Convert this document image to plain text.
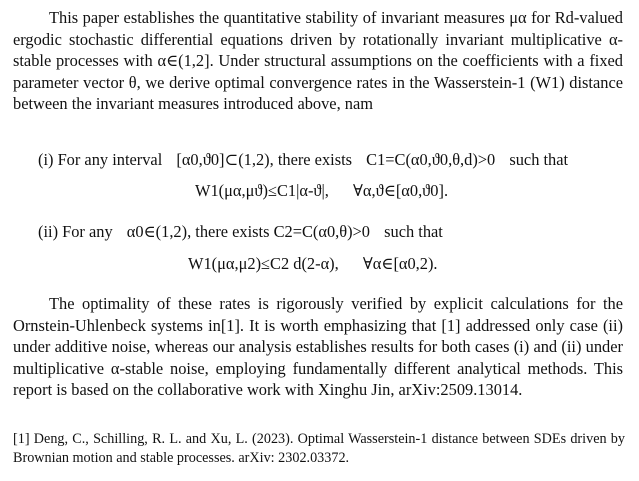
This paper establishes the quantitative stability of invariant measures μα for Rd-valued ergodic stochastic differential equations driven by rotationally invariant multiplicative α-stable processes with α∈(1,2]. Under structural assumptions on the coefficients with a fixed parameter vector θ, we derive optimal convergence rates in the Wasserstein-1 (W1) distance between the invariant measures introduced above, nam

(i) For any interval [α0,ϑ0]⊂(1,2), there exists C1=C(α0,ϑ0,θ,d)>0 such that

W1(μα,μϑ)≤C1|α-ϑ|, ∀α,ϑ∈[α0,ϑ0].

(ii) For any α0∈(1,2), there exists C2=C(α0,θ)>0 such that

W1(μα,μ2)≤C2 d(2-α), ∀α∈[α0,2).

The optimality of these rates is rigorously verified by explicit calculations for the Ornstein-Uhlenbeck systems in[1]. It is worth emphasizing that [1] addressed only case (ii) under additive noise, whereas our analysis establishes results for both cases (i) and (ii) under multiplicative α-stable noise, employing fundamentally different analytical methods. This report is based on the collaborative work with Xinghu Jin, arXiv:2509.13014.

[1] Deng, C., Schilling, R. L. and Xu, L. (2023). Optimal Wasserstein-1 distance between SDEs driven by Brownian motion and stable processes. arXiv: 2302.03372.
